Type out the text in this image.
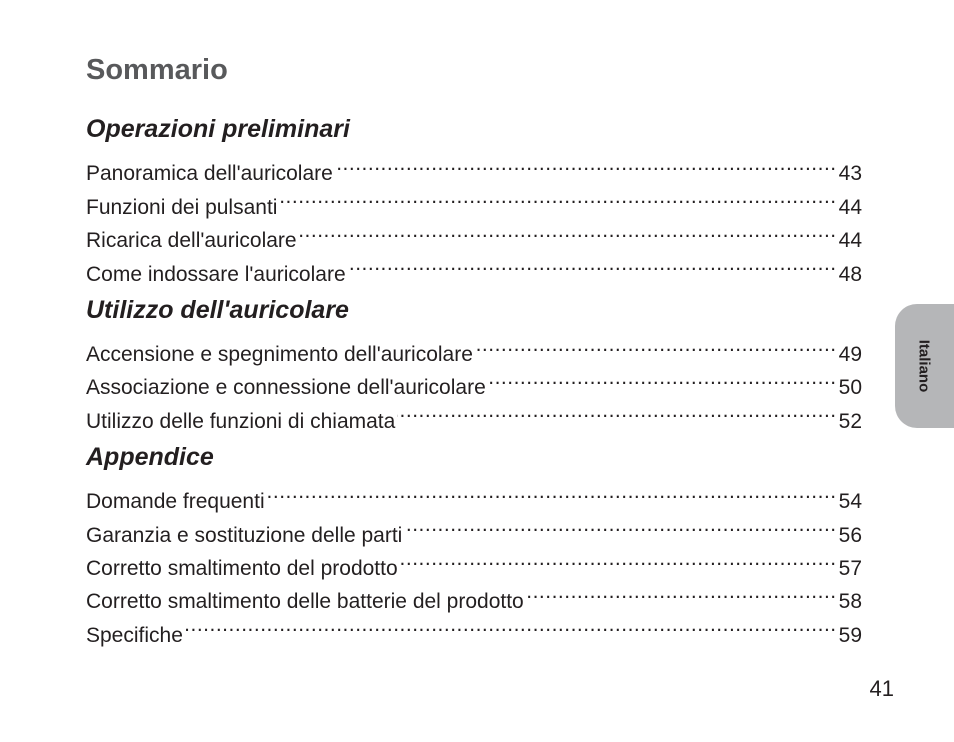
Sommario
Operazioni preliminari
Panoramica dell'auricolare .....	43
Funzioni dei pulsanti .....	44
Ricarica dell'auricolare .....	44
Come indossare l'auricolare .....	48
Utilizzo dell'auricolare
Accensione e spegnimento dell'auricolare .....	49
Associazione e connessione dell'auricolare .....	50
Utilizzo delle funzioni di chiamata .....	52
Appendice
Domande frequenti .....	54
Garanzia e sostituzione delle parti .....	56
Corretto smaltimento del prodotto .....	57
Corretto smaltimento delle batterie del prodotto .....	58
Specifiche .....	59
Italiano
41
